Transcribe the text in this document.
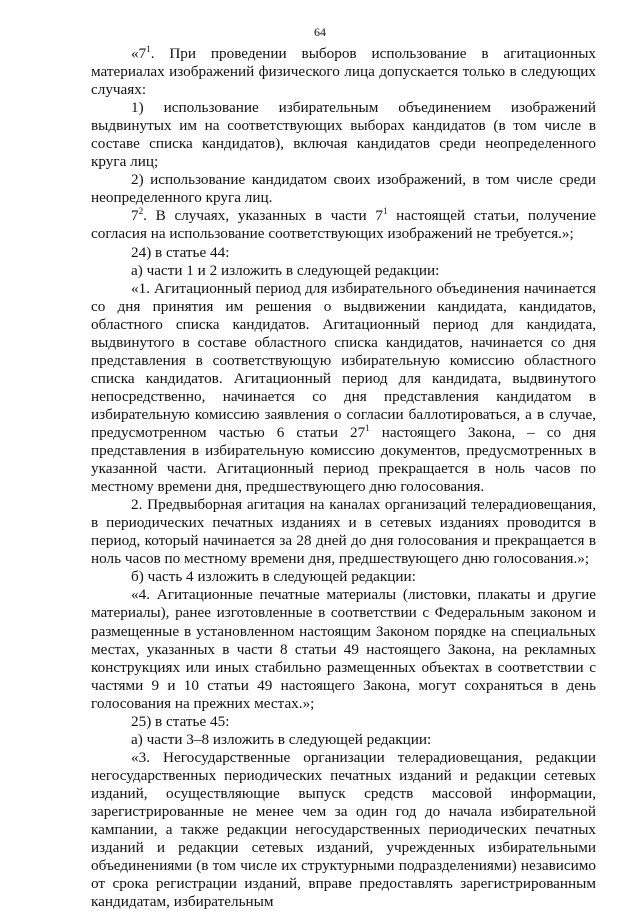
64

«$7^1$. При проведении выборов использование в агитационных материалах изображений физического лица допускается только в следующих случаях:

1) использование избирательным объединением изображений выдвинутых им на соответствующих выборах кандидатов (в том числе в составе списка кандидатов), включая кандидатов среди неопределенного круга лиц;

2) использование кандидатом своих изображений, в том числе среди неопределенного круга лиц.

$7^2$. В случаях, указанных в части $7^1$ настоящей статьи, получение согласия на использование соответствующих изображений не требуется.»;

24) в статье 44:

а) части 1 и 2 изложить в следующей редакции:

«1. Агитационный период для избирательного объединения начинается со дня принятия им решения о выдвижении кандидата, кандидатов, областного списка кандидатов. Агитационный период для кандидата, выдвинутого в составе областного списка кандидатов, начинается со дня представления в соответствующую избирательную комиссию областного списка кандидатов. Агитационный период для кандидата, выдвинутого непосредственно, начинается со дня представления кандидатом в избирательную комиссию заявления о согласии баллотироваться, а в случае, предусмотренном частью 6 статьи $27^1$ настоящего Закона, – со дня представления в избирательную комиссию документов, предусмотренных в указанной части. Агитационный период прекращается в ноль часов по местному времени дня, предшествующего дню голосования.

2. Предвыборная агитация на каналах организаций телерадиовещания, в периодических печатных изданиях и в сетевых изданиях проводится в период, который начинается за 28 дней до дня голосования и прекращается в ноль часов по местному времени дня, предшествующего дню голосования.»;

б) часть 4 изложить в следующей редакции:

«4. Агитационные печатные материалы (листовки, плакаты и другие материалы), ранее изготовленные в соответствии с Федеральным законом и размещенные в установленном настоящим Законом порядке на специальных местах, указанных в части 8 статьи 49 настоящего Закона, на рекламных конструкциях или иных стабильно размещенных объектах в соответствии с частями 9 и 10 статьи 49 настоящего Закона, могут сохраняться в день голосования на прежних местах.»;

25) в статье 45:

а) части 3–8 изложить в следующей редакции:

«3. Негосударственные организации телерадиовещания, редакции негосударственных периодических печатных изданий и редакции сетевых изданий, осуществляющие выпуск средств массовой информации, зарегистрированные не менее чем за один год до начала избирательной кампании, а также редакции негосударственных периодических печатных изданий и редакции сетевых изданий, учрежденных избирательными объединениями (в том числе их структурными подразделениями) независимо от срока регистрации изданий, вправе предоставлять зарегистрированным кандидатам, избирательным
